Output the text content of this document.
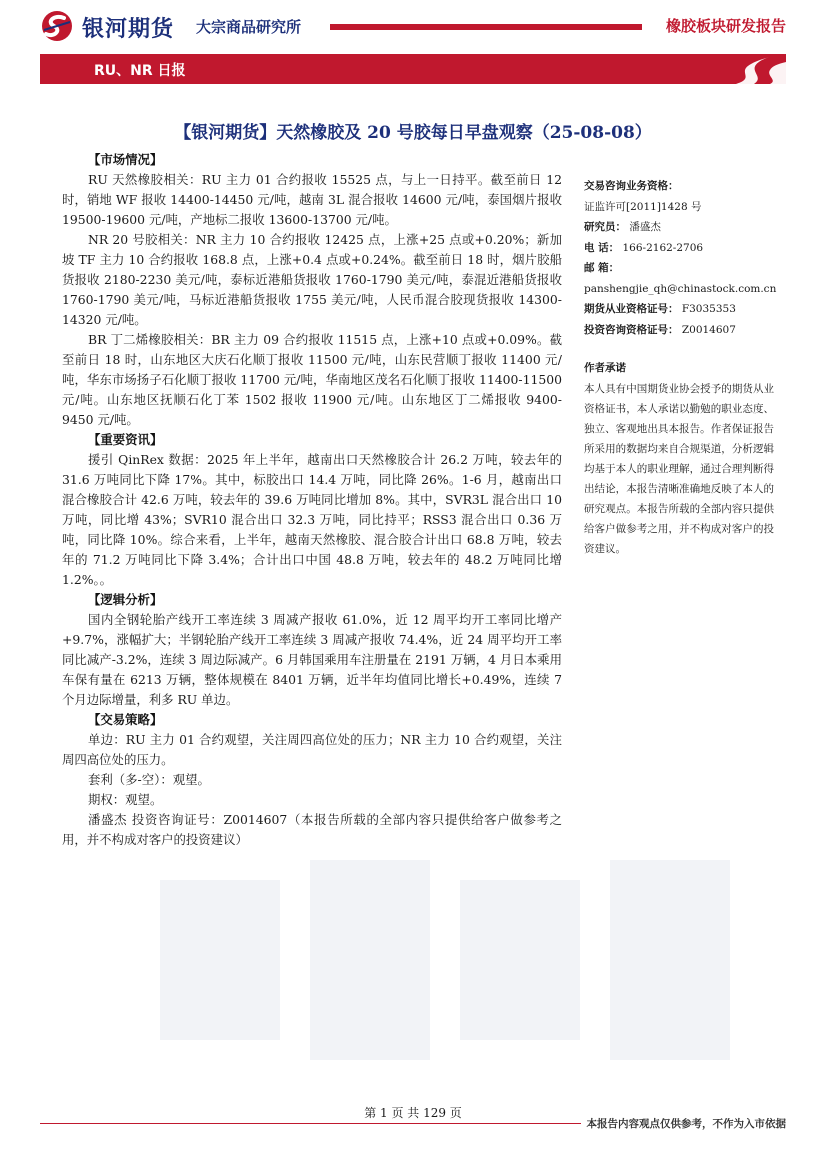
银河期货 大宗商品研究所	橡胶板块研发报告
RU、NR 日报
【银河期货】天然橡胶及 20 号胶每日早盘观察（25-08-08）
【市场情况】

RU 天然橡胶相关：RU 主力 01 合约报收 15525 点，与上一日持平。截至前日 12 时，销地 WF 报收 14400-14450 元/吨，越南 3L 混合报收 14600 元/吨，泰国烟片报收 19500-19600 元/吨，产地标二报收 13600-13700 元/吨。

NR 20 号胶相关：NR 主力 10 合约报收 12425 点，上涨+25 点或+0.20%；新加坡 TF 主力 10 合约报收 168.8 点，上涨+0.4 点或+0.24%。截至前日 18 时，烟片胶船货报收 2180-2230 美元/吨，泰标近港船货报收 1760-1790 美元/吨，泰混近港船货报收 1760-1790 美元/吨，马标近港船货报收 1755 美元/吨，人民币混合胶现货报收 14300-14320 元/吨。

BR 丁二烯橡胶相关：BR 主力 09 合约报收 11515 点，上涨+10 点或+0.09%。截至前日 18 时，山东地区大庆石化顺丁报收 11500 元/吨，山东民营顺丁报收 11400 元/吨，华东市场扬子石化顺丁报收 11700 元/吨，华南地区茂名石化顺丁报收 11400-11500 元/吨。山东地区抚顺石化丁苯 1502 报收 11900 元/吨。山东地区丁二烯报收 9400-9450 元/吨。

【重要资讯】

援引 QinRex 数据：2025 年上半年，越南出口天然橡胶合计 26.2 万吨，较去年的 31.6 万吨同比下降 17%。其中，标胶出口 14.4 万吨，同比降 26%。1-6 月，越南出口混合橡胶合计 42.6 万吨，较去年的 39.6 万吨同比增加 8%。其中，SVR3L 混合出口 10 万吨，同比增 43%；SVR10 混合出口 32.3 万吨，同比持平；RSS3 混合出口 0.36 万吨，同比降 10%。综合来看，上半年，越南天然橡胶、混合胶合计出口 68.8 万吨，较去年的 71.2 万吨同比下降 3.4%；合计出口中国 48.8 万吨，较去年的 48.2 万吨同比增 1.2%。。

【逻辑分析】

国内全钢轮胎产线开工率连续 3 周减产报收 61.0%，近 12 周平均开工率同比增产+9.7%，涨幅扩大；半钢轮胎产线开工率连续 3 周减产报收 74.4%，近 24 周平均开工率同比减产-3.2%，连续 3 周边际减产。6 月韩国乘用车注册量在 2191 万辆，4 月日本乘用车保有量在 6213 万辆，整体规模在 8401 万辆，近半年均值同比增长+0.49%，连续 7 个月边际增量，利多 RU 单边。

【交易策略】

单边：RU 主力 01 合约观望，关注周四高位处的压力；NR 主力 10 合约观望，关注周四高位处的压力。

套利（多-空）：观望。

期权：观望。

潘盛杰 投资咨询证号：Z0014607（本报告所载的全部内容只提供给客户做参考之用，并不构成对客户的投资建议）

交易咨询业务资格：
证监许可[2011]1428 号
研究员： 潘盛杰
电 话： 166-2162-2706
邮 箱：
panshengjie_qh@chinastock.com.cn
期货从业资格证号： F3035353
投资咨询资格证号： Z0014607
作者承诺
本人具有中国期货业协会授予的期货从业资格证书，本人承诺以勤勉的职业态度、独立、客观地出具本报告。作者保证报告所采用的数据均来自合规渠道，分析逻辑均基于本人的职业理解，通过合理判断得出结论，本报告清晰准确地反映了本人的研究观点。本报告所载的全部内容只提供给客户做参考之用，并不构成对客户的投资建议。
第 1 页 共 129 页
本报告内容观点仅供参考，不作为入市依据
